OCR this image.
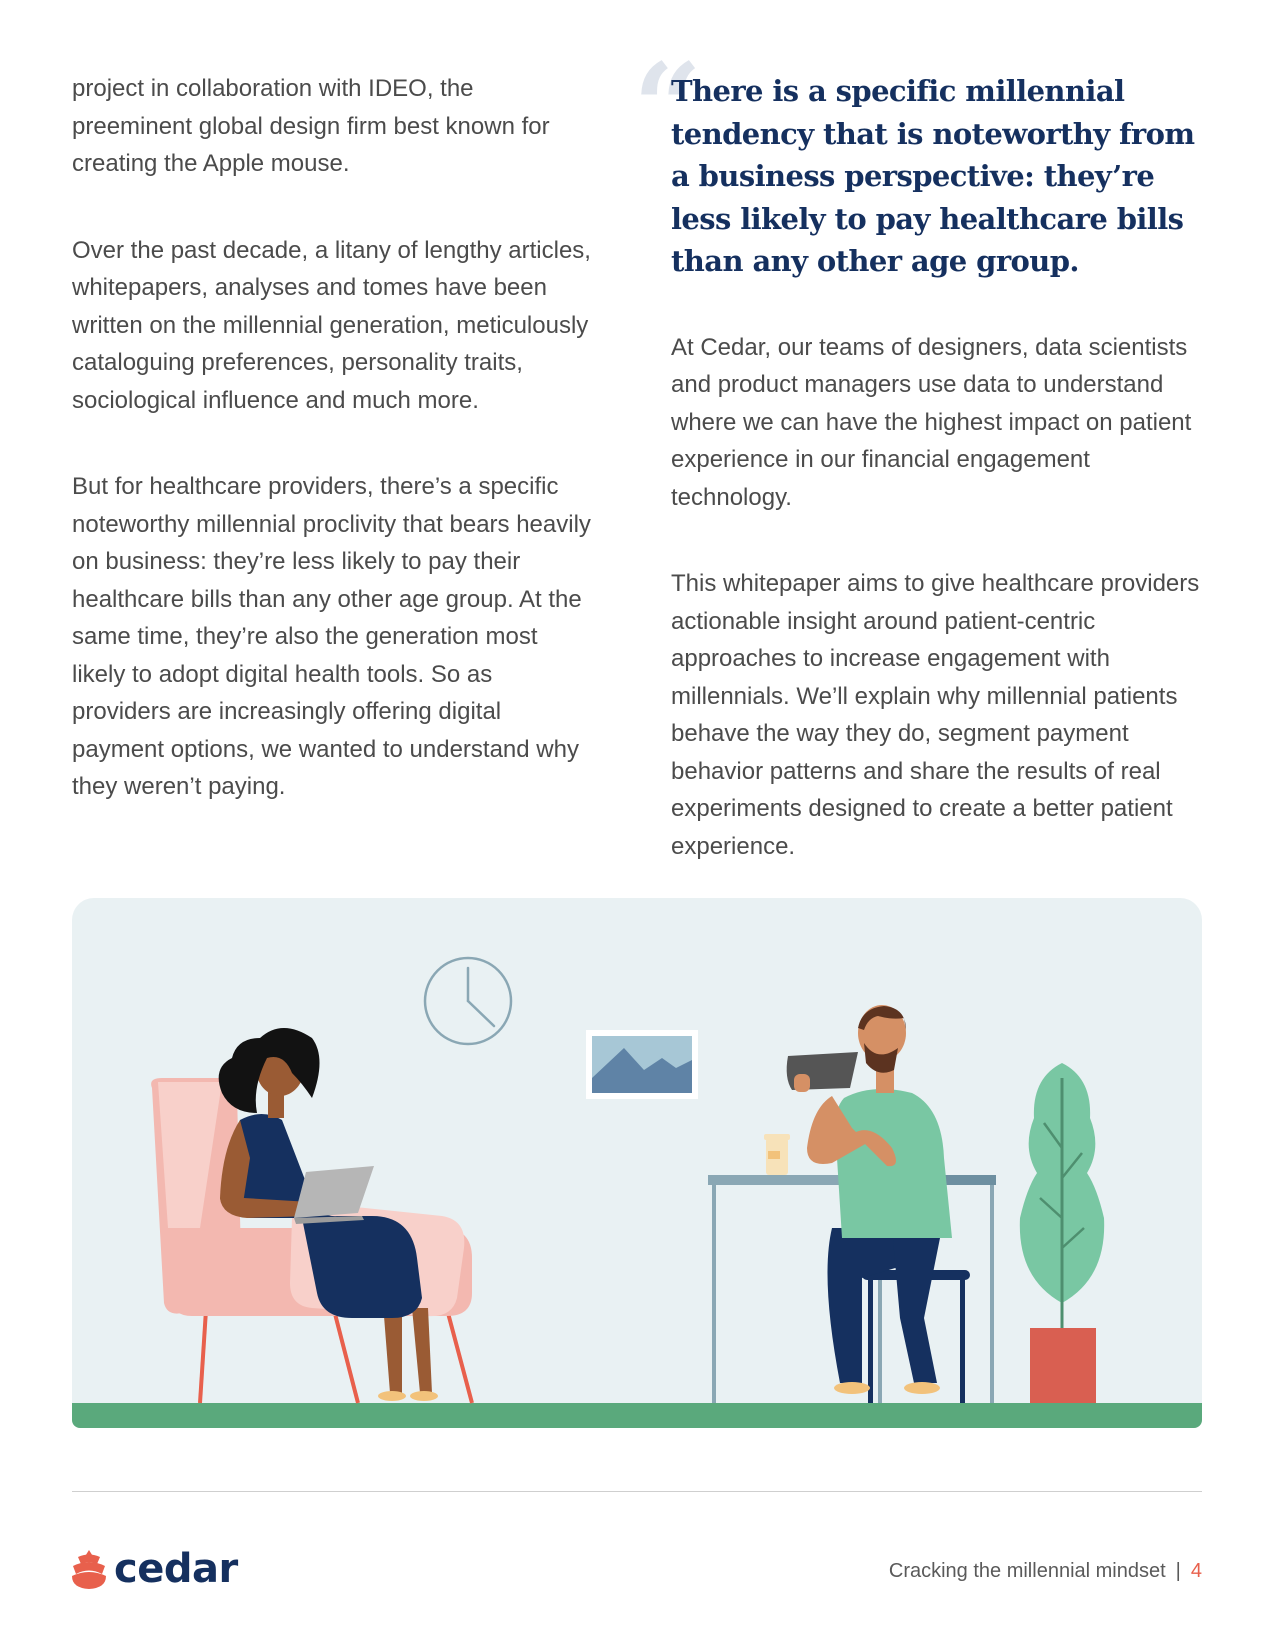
project in collaboration with IDEO, the preeminent global design firm best known for creating the Apple mouse.

Over the past decade, a litany of lengthy articles, whitepapers, analyses and tomes have been written on the millennial generation, meticulously cataloguing preferences, personality traits, sociological influence and much more.

But for healthcare providers, there’s a specific noteworthy millennial proclivity that bears heavily on business: they’re less likely to pay their healthcare bills than any other age group. At the same time, they’re also the generation most likely to adopt digital health tools. So as providers are increasingly offering digital payment options, we wanted to understand why they weren’t paying.

“
There is a specific millennial tendency that is noteworthy from a business perspective: they’re less likely to pay healthcare bills than any other age group.

At Cedar, our teams of designers, data scientists and product managers use data to understand where we can have the highest impact on patient experience in our financial engagement technology.

This whitepaper aims to give healthcare providers actionable insight around patient-centric approaches to increase engagement with millennials. We’ll explain why millennial patients behave the way they do, segment payment behavior patterns and share the results of real experiments designed to create a better patient experience.

cedar	Cracking the millennial mindset | 4
